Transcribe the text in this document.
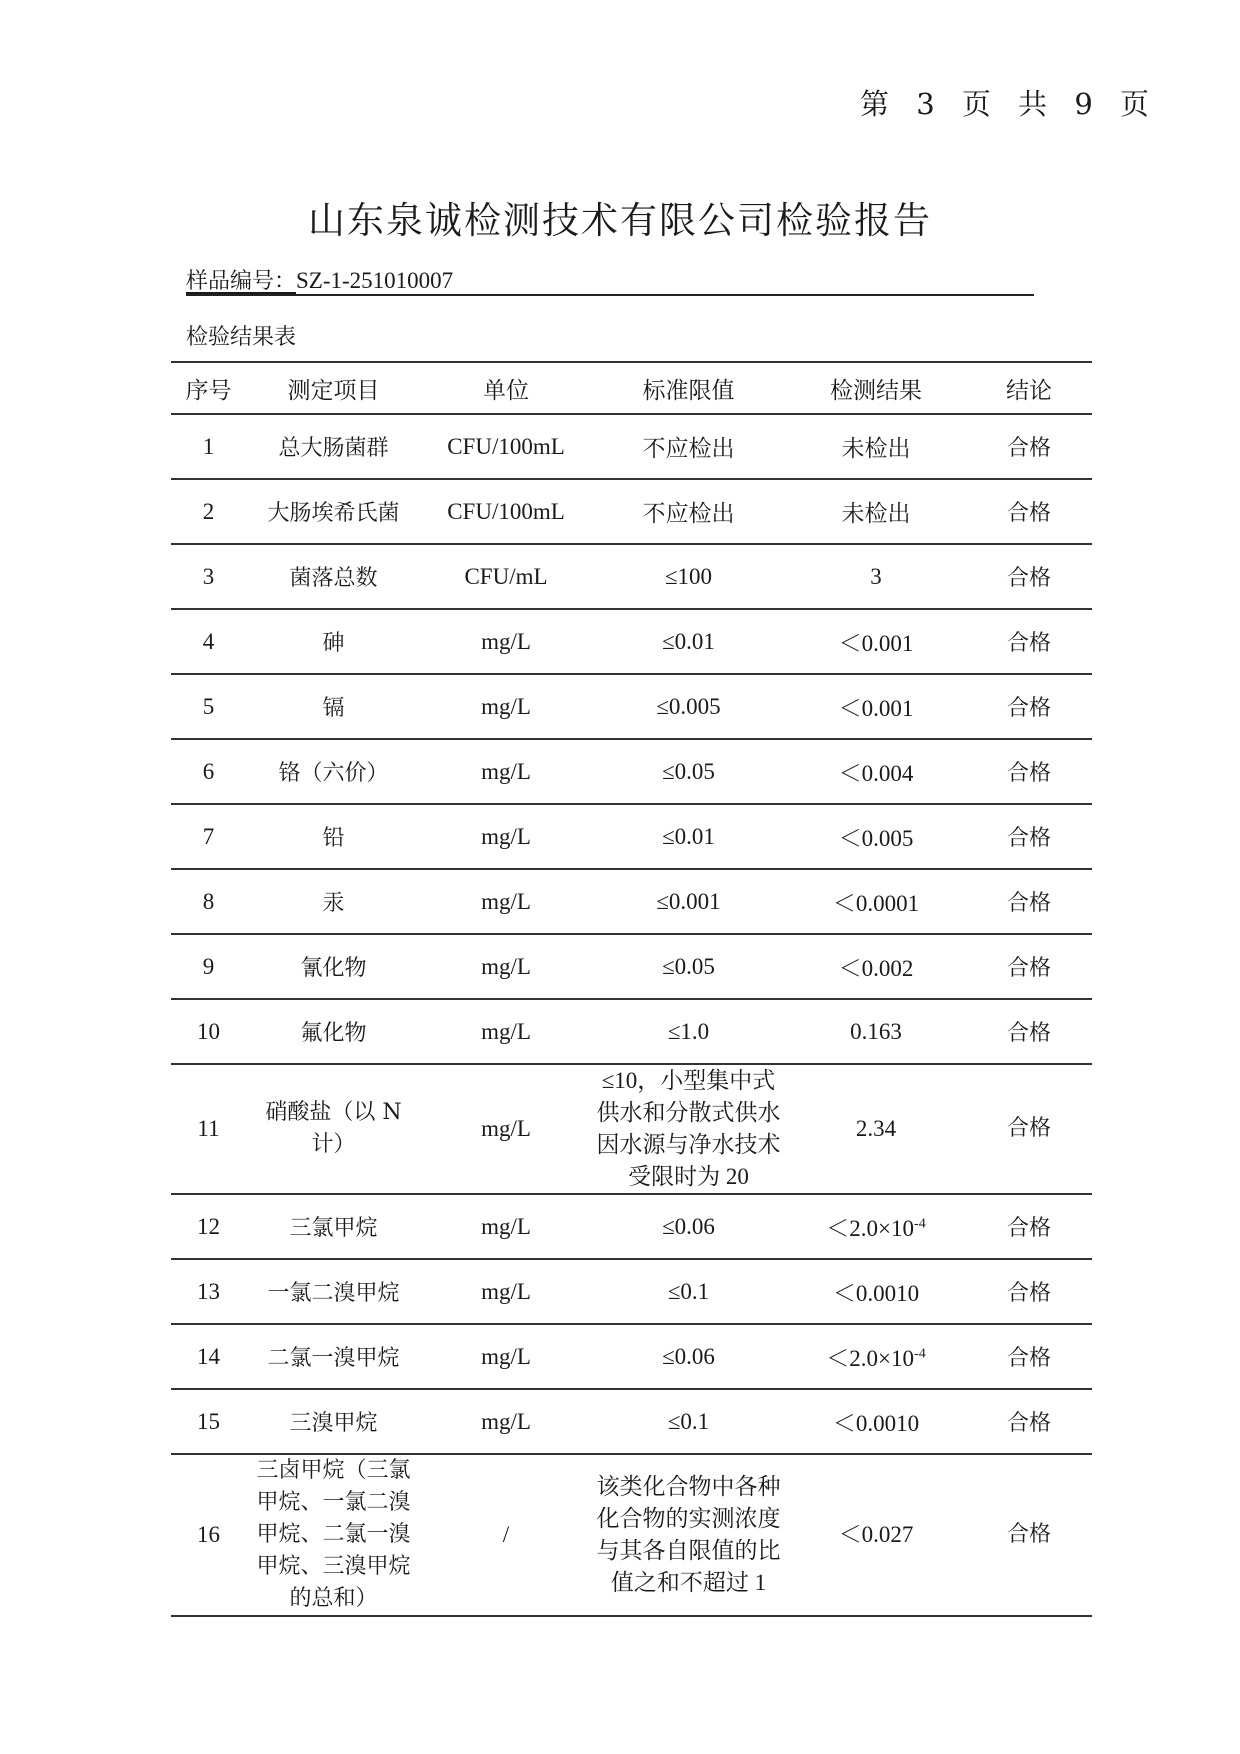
第 3 页 共 9 页
山东泉诚检测技术有限公司检验报告
样品编号：SZ-1-251010007
检验结果表
序号	测定项目	单位	标准限值	检测结果	结论
1	总大肠菌群	CFU/100mL	不应检出	未检出	合格
2	大肠埃希氏菌	CFU/100mL	不应检出	未检出	合格
3	菌落总数	CFU/mL	≤100	3	合格
4	砷	mg/L	≤0.01	＜0.001	合格
5	镉	mg/L	≤0.005	＜0.001	合格
6	铬（六价）	mg/L	≤0.05	＜0.004	合格
7	铅	mg/L	≤0.01	＜0.005	合格
8	汞	mg/L	≤0.001	＜0.0001	合格
9	氰化物	mg/L	≤0.05	＜0.002	合格
10	氟化物	mg/L	≤1.0	0.163	合格
11	硝酸盐（以 N 计）	mg/L	≤10，小型集中式供水和分散式供水因水源与净水技术受限时为 20	2.34	合格
12	三氯甲烷	mg/L	≤0.06	$<2.0\times 10^{-4}$	合格
13	一氯二溴甲烷	mg/L	≤0.1	＜0.0010	合格
14	二氯一溴甲烷	mg/L	≤0.06	$<2.0\times 10^{-4}$	合格
15	三溴甲烷	mg/L	≤0.1	＜0.0010	合格
16	三卤甲烷（三氯甲烷、一氯二溴甲烷、二氯一溴甲烷、三溴甲烷的总和）	/	该类化合物中各种化合物的实测浓度与其各自限值的比值之和不超过 1	＜0.027	合格
